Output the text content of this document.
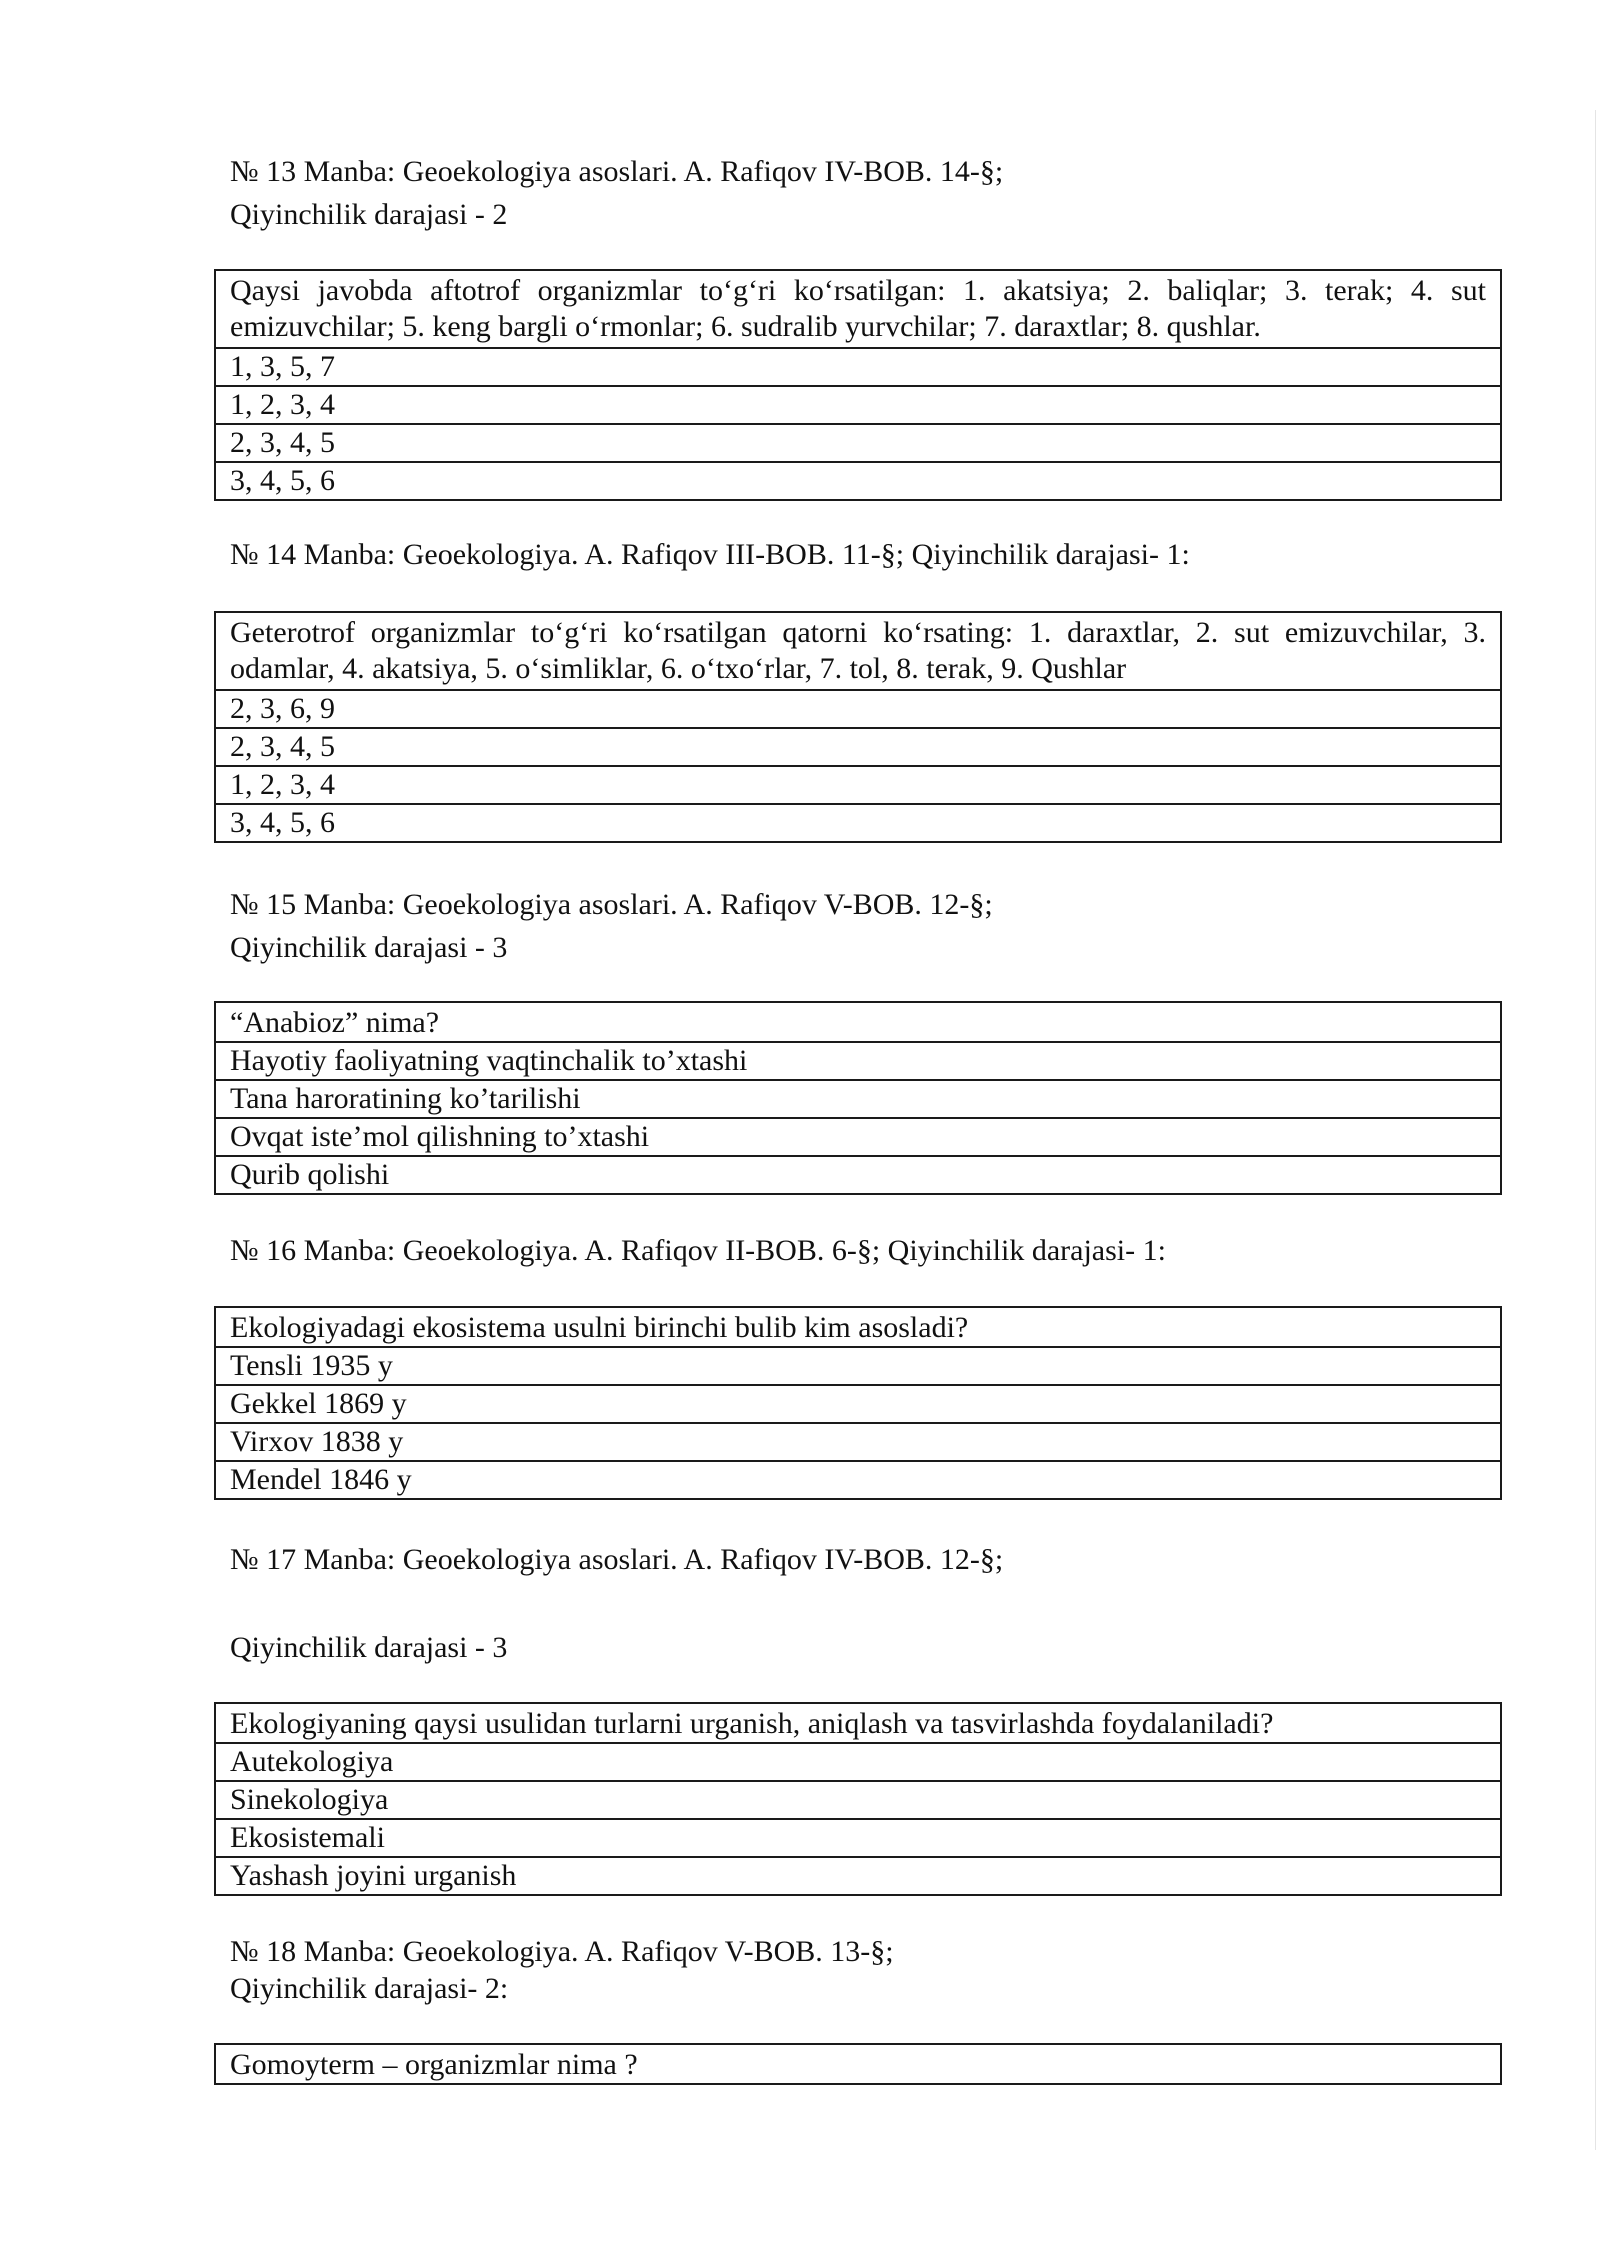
№ 13 Manba: Geoekologiya asoslari. A. Rafiqov IV-BOB. 14-§;
Qiyinchilik darajasi - 2
Qaysi javobda aftotrof organizmlar to‘g‘ri ko‘rsatilgan: 1. akatsiya; 2. baliqlar; 3. terak; 4. sut emizuvchilar; 5. keng bargli o‘rmonlar; 6. sudralib yurvchilar; 7. daraxtlar; 8. qushlar.
1, 3, 5, 7
1, 2, 3, 4
2, 3, 4, 5
3, 4, 5, 6
№ 14 Manba: Geoekologiya. A. Rafiqov III-BOB. 11-§; Qiyinchilik darajasi- 1:
Geterotrof organizmlar to‘g‘ri ko‘rsatilgan qatorni ko‘rsating: 1. daraxtlar, 2. sut emizuvchilar, 3. odamlar, 4. akatsiya, 5. o‘simliklar, 6. o‘txo‘rlar, 7. tol, 8. terak, 9. Qushlar
2, 3, 6, 9
2, 3, 4, 5
1, 2, 3, 4
3, 4, 5, 6
№ 15 Manba: Geoekologiya asoslari. A. Rafiqov V-BOB. 12-§;
Qiyinchilik darajasi - 3
“Anabioz” nima?
Hayotiy faoliyatning vaqtinchalik to’xtashi
Tana haroratining ko’tarilishi
Ovqat iste’mol qilishning to’xtashi
Qurib qolishi
№ 16 Manba: Geoekologiya. A. Rafiqov II-BOB. 6-§; Qiyinchilik darajasi- 1:
Ekologiyadagi ekosistema usulni birinchi bulib kim asosladi?
Tensli 1935 y
Gekkel 1869 y
Virxov 1838 y
Mendel 1846 y
№ 17 Manba: Geoekologiya asoslari. A. Rafiqov IV-BOB. 12-§;
Qiyinchilik darajasi - 3
Ekologiyaning qaysi usulidan turlarni urganish, aniqlash va tasvirlashda foydalaniladi?
Autekologiya
Sinekologiya
Ekosistemali
Yashash joyini urganish
№ 18 Manba: Geoekologiya. A. Rafiqov V-BOB. 13-§;
Qiyinchilik darajasi- 2:
Gomoyterm – organizmlar nima ?
